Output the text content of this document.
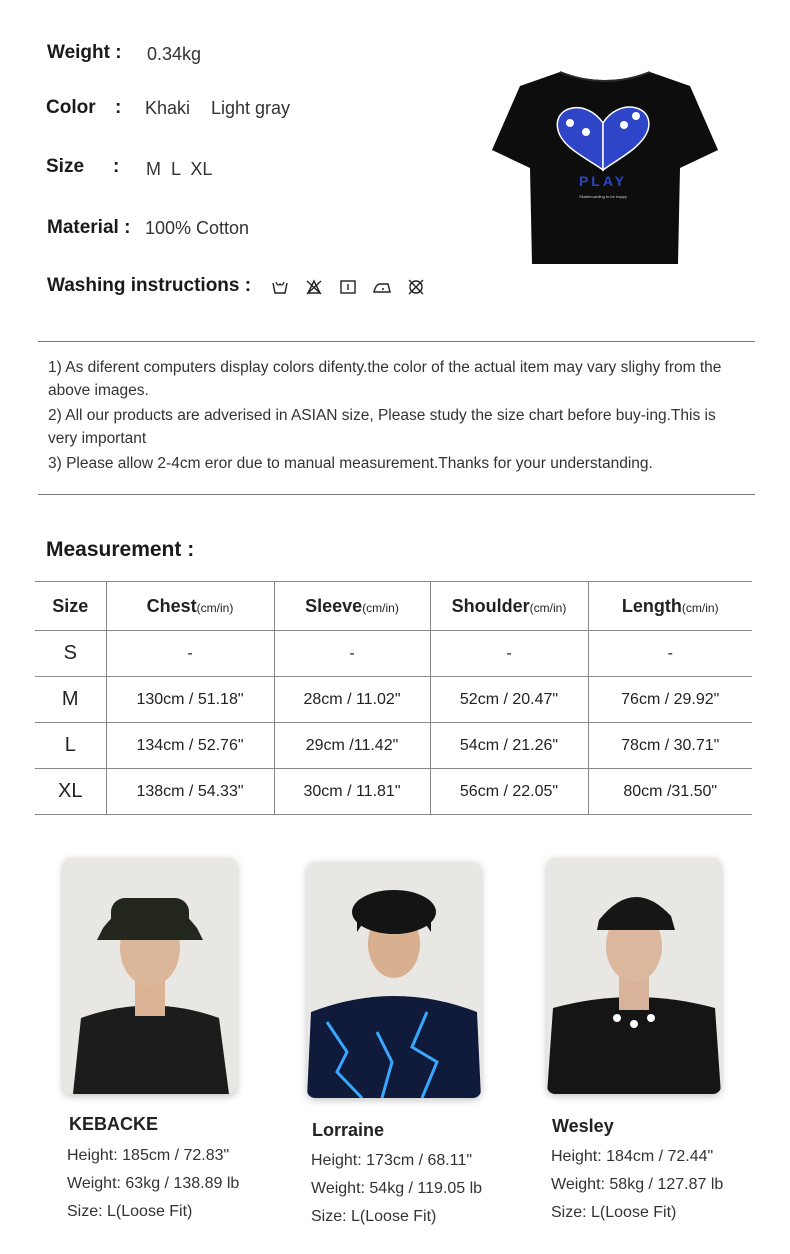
Weight : 0.34kg
Color : Khaki Light gray
Size : M  L  XL
Material : 100% Cotton
Washing instructions :
PLAY
Skateboarding to be happy

1) As diferent computers display colors difenty.the color of the actual item may vary slighy from the above images.

2) All our products are adverised in ASIAN size, Please study the size chart before buy-ing.This is very important

3) Please allow 2-4cm eror due to manual measurement.Thanks for your understanding.

Measurement :
Size	Chest(cm/in)	Sleeve(cm/in)	Shoulder(cm/in)	Length(cm/in)
S	-	-	-	-
M	130cm / 51.18"	28cm / 11.02"	52cm / 20.47"	76cm / 29.92"
L	134cm / 52.76"	29cm /11.42"	54cm / 21.26"	78cm / 30.71"
XL	138cm / 54.33"	30cm / 11.81"	56cm / 22.05"	80cm /31.50"
KEBACKE
Height: 185cm / 72.83"
Weight: 63kg / 138.89 lb
Size: L(Loose Fit)
Lorraine
Height: 173cm / 68.11"
Weight: 54kg / 119.05 lb
Size: L(Loose Fit)
Wesley
Height: 184cm / 72.44"
Weight: 58kg / 127.87 lb
Size: L(Loose Fit)
